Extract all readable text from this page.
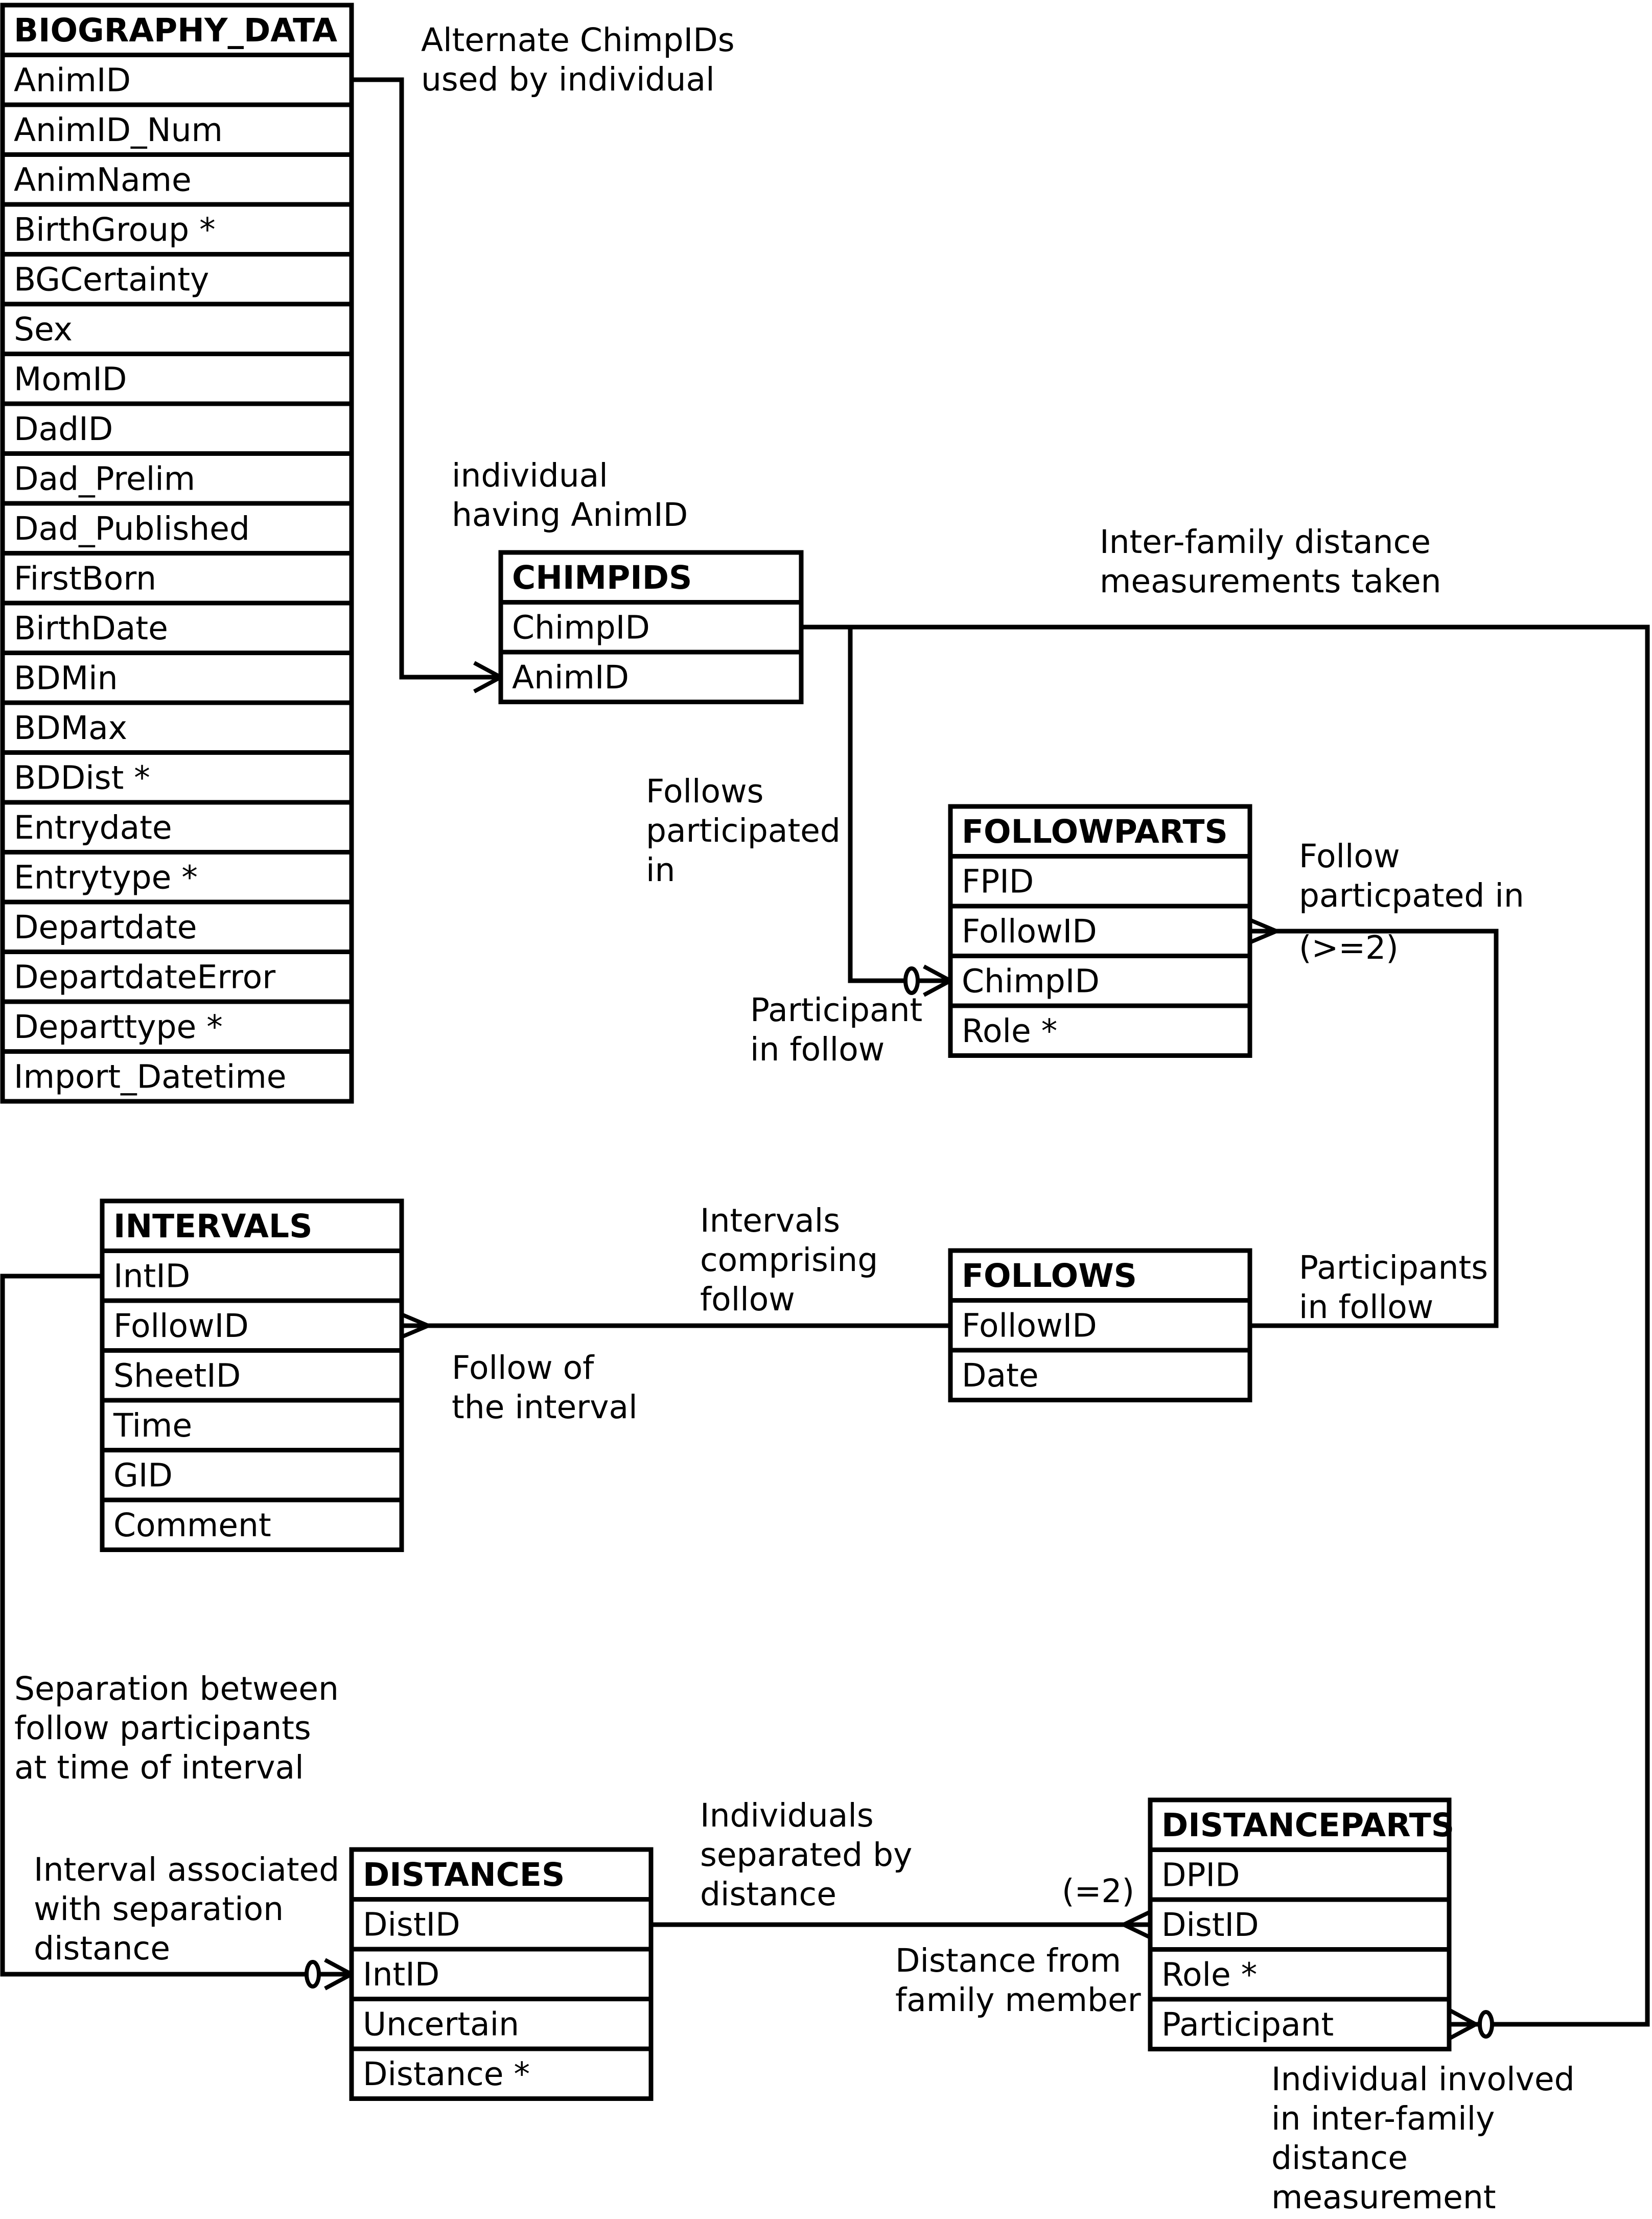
BIOGRAPHY_DATA
AnimID
AnimID_Num
AnimName
BirthGroup *
BGCertainty
Sex
MomID
DadID
Dad_Prelim
Dad_Published
FirstBorn
BirthDate
BDMin
BDMax
BDDist *
Entrydate
Entrytype *
Departdate
DepartdateError
Departtype *
Import_Datetime
CHIMPIDS
ChimpID
AnimID
FOLLOWPARTS
FPID
FollowID
ChimpID
Role *
INTERVALS
IntID
FollowID
SheetID
Time
GID
Comment
FOLLOWS
FollowID
Date
DISTANCES
DistID
IntID
Uncertain
Distance *
DISTANCEPARTS
DPID
DistID
Role *
Participant
Alternate ChimpIDs used by individual
individual having AnimID
Inter-family distance measurements taken
Follows participated in
Participant in follow
Follow particpated in
(>=2)
Intervals comprising follow
Follow of the interval
Participants in follow
Separation between follow participants at time of interval
Interval associated with separation distance
Individuals separated by distance	(=2)
Distance from family member
Individual involved in inter-family distance measurement
